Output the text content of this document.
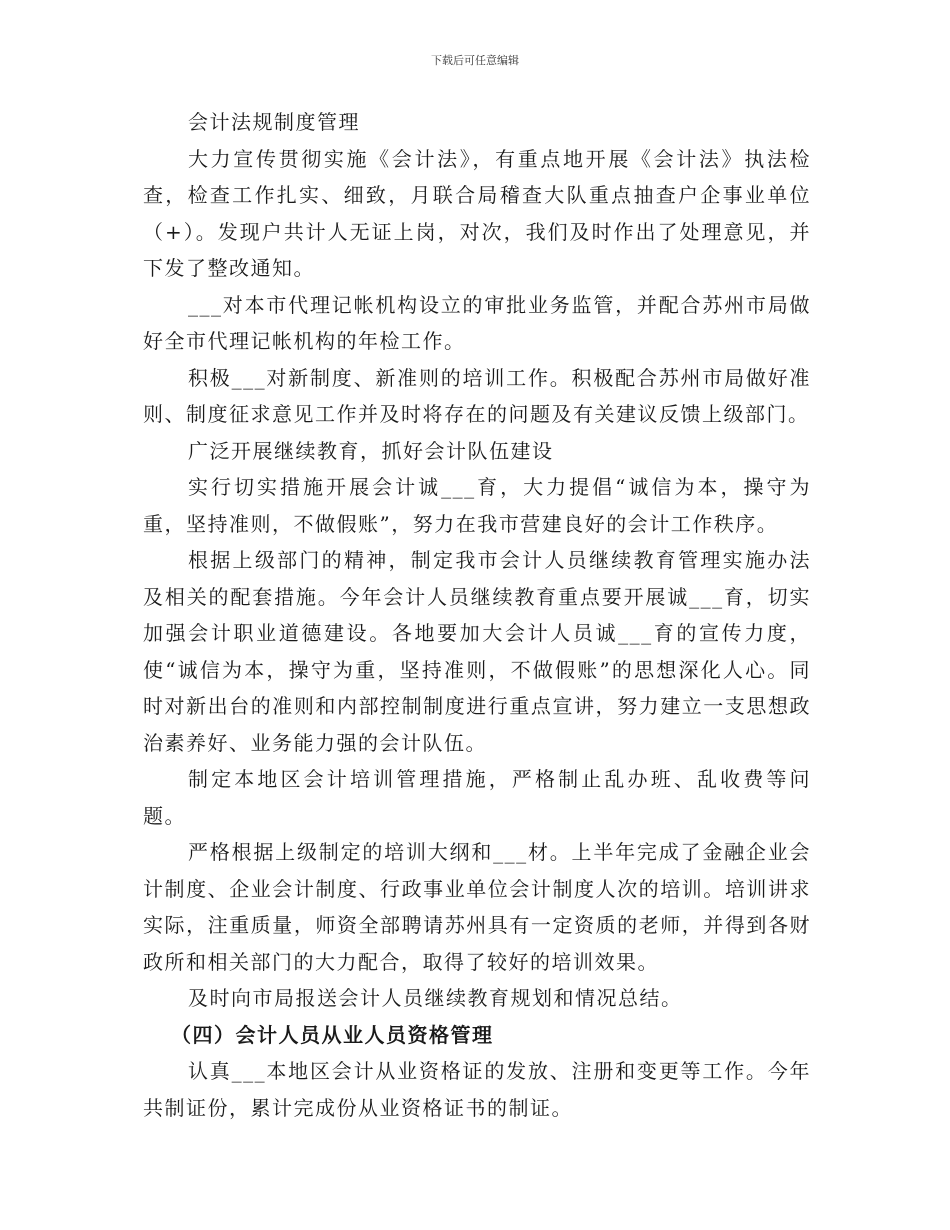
下载后可任意编辑

会计法规制度管理

大力宣传贯彻实施《会计法》，有重点地开展《会计法》执法检查，检查工作扎实、细致，月联合局稽查大队重点抽查户企事业单位（+）。发现户共计人无证上岗，对次，我们及时作出了处理意见，并下发了整改通知。

___对本市代理记帐机构设立的审批业务监管，并配合苏州市局做好全市代理记帐机构的年检工作。

积极___对新制度、新准则的培训工作。积极配合苏州市局做好准则、制度征求意见工作并及时将存在的问题及有关建议反馈上级部门。

广泛开展继续教育，抓好会计队伍建设

实行切实措施开展会计诚___育，大力提倡“诚信为本，操守为重，坚持准则，不做假账”，努力在我市营建良好的会计工作秩序。

根据上级部门的精神，制定我市会计人员继续教育管理实施办法及相关的配套措施。今年会计人员继续教育重点要开展诚___育，切实加强会计职业道德建设。各地要加大会计人员诚___育的宣传力度，使“诚信为本，操守为重，坚持准则，不做假账”的思想深化人心。同时对新出台的准则和内部控制制度进行重点宣讲，努力建立一支思想政治素养好、业务能力强的会计队伍。

制定本地区会计培训管理措施，严格制止乱办班、乱收费等问题。

严格根据上级制定的培训大纲和___材。上半年完成了金融企业会计制度、企业会计制度、行政事业单位会计制度人次的培训。培训讲求实际，注重质量，师资全部聘请苏州具有一定资质的老师，并得到各财政所和相关部门的大力配合，取得了较好的培训效果。

及时向市局报送会计人员继续教育规划和情况总结。

（四）会计人员从业人员资格管理

认真___本地区会计从业资格证的发放、注册和变更等工作。今年共制证份，累计完成份从业资格证书的制证。
